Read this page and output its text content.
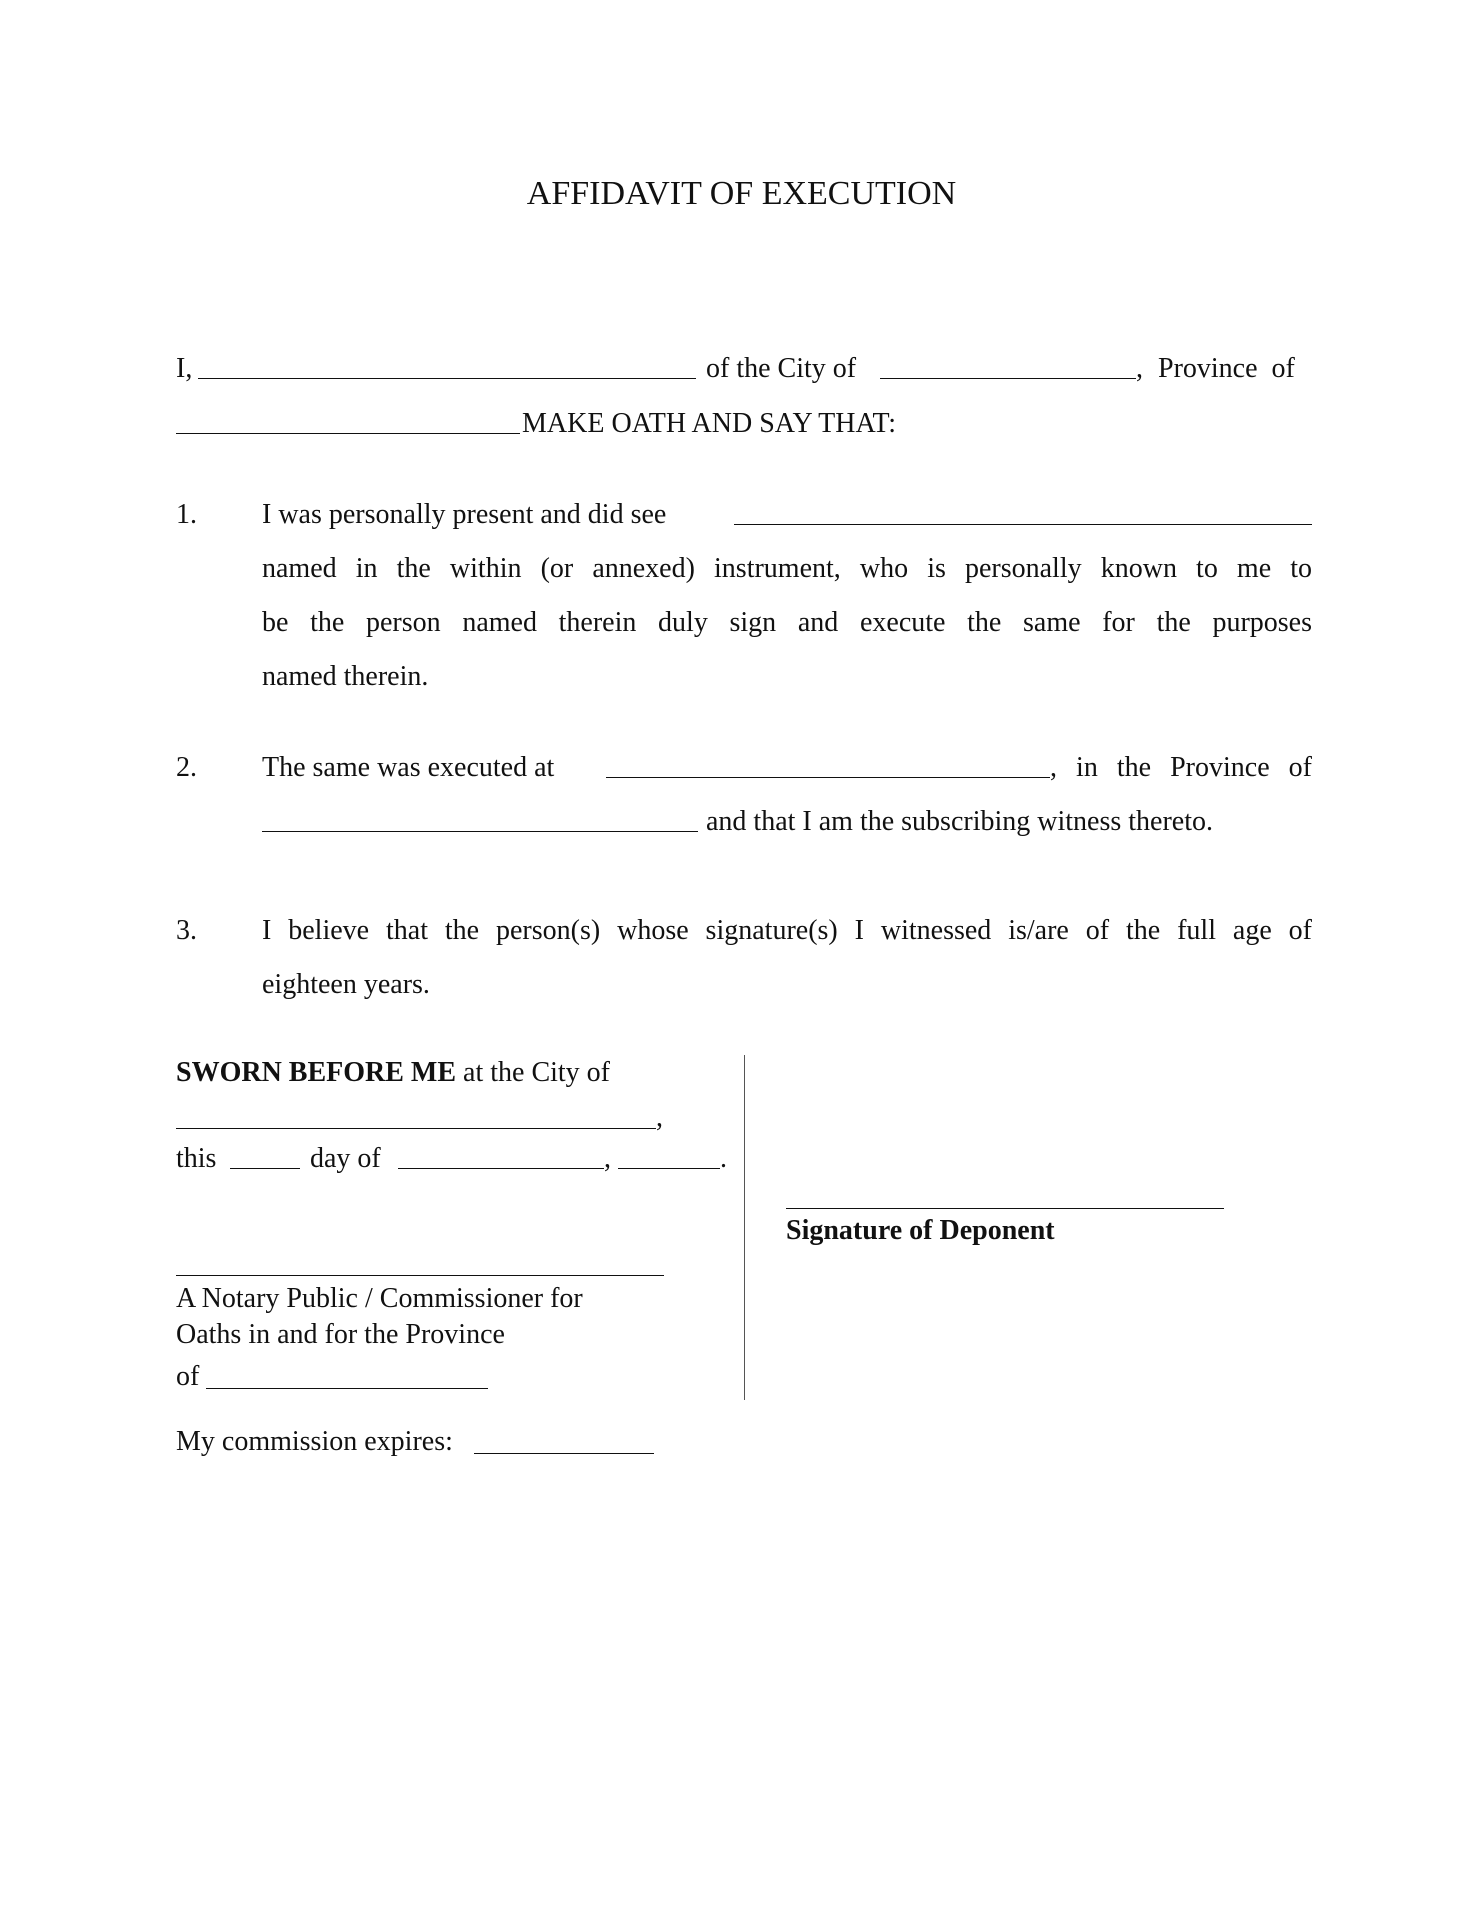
AFFIDAVIT OF EXECUTION
I,	of the City of	, Province  of
MAKE OATH AND SAY THAT:
1. I was personally present and did see
named in the within (or annexed) instrument, who is personally known to me to
be the person named therein duly sign and execute the same for the purposes
named therein.
2. The same was executed at	, in the Province of
and that I am the subscribing witness thereto.
3. I believe that the person(s) whose signature(s) I witnessed is/are of the full age of
eighteen years.
SWORN BEFORE ME at the City of
,
this	day of	,	.
A Notary Public / Commissioner for
Oaths in and for the Province
of
My commission expires:
Signature of Deponent
